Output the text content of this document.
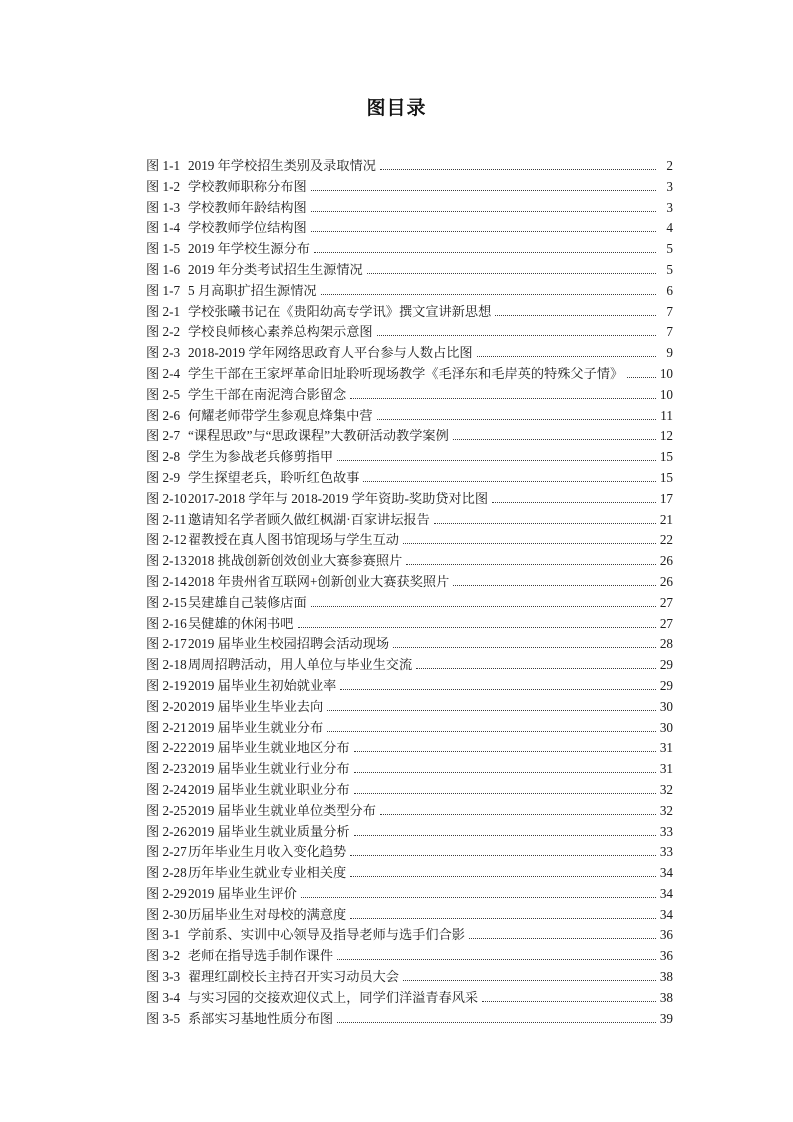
图目录
图 1-1 2019 年学校招生类别及录取情况	2
图 1-2 学校教师职称分布图	3
图 1-3 学校教师年龄结构图	3
图 1-4 学校教师学位结构图	4
图 1-5 2019 年学校生源分布	5
图 1-6 2019 年分类考试招生生源情况	5
图 1-7 5 月高职扩招生源情况	6
图 2-1 学校张曦书记在《贵阳幼高专学讯》撰文宣讲新思想	7
图 2-2 学校良师核心素养总构架示意图	7
图 2-3 2018-2019 学年网络思政育人平台参与人数占比图	9
图 2-4 学生干部在王家坪革命旧址聆听现场教学《毛泽东和毛岸英的特殊父子情》	10
图 2-5 学生干部在南泥湾合影留念	10
图 2-6 何耀老师带学生参观息烽集中营	11
图 2-7 “课程思政”与“思政课程”大教研活动教学案例	12
图 2-8 学生为参战老兵修剪指甲	15
图 2-9 学生探望老兵，聆听红色故事	15
图 2-10 2017-2018 学年与 2018-2019 学年资助-奖助贷对比图	17
图 2-11 邀请知名学者顾久做红枫湖·百家讲坛报告	21
图 2-12 翟教授在真人图书馆现场与学生互动	22
图 2-13 2018 挑战创新创效创业大赛参赛照片	26
图 2-14 2018 年贵州省互联网+创新创业大赛获奖照片	26
图 2-15 吴建雄自己装修店面	27
图 2-16 吴健雄的休闲书吧	27
图 2-17 2019 届毕业生校园招聘会活动现场	28
图 2-18 周周招聘活动，用人单位与毕业生交流	29
图 2-19 2019 届毕业生初始就业率	29
图 2-20 2019 届毕业生毕业去向	30
图 2-21 2019 届毕业生就业分布	30
图 2-22 2019 届毕业生就业地区分布	31
图 2-23 2019 届毕业生就业行业分布	31
图 2-24 2019 届毕业生就业职业分布	32
图 2-25 2019 届毕业生就业单位类型分布	32
图 2-26 2019 届毕业生就业质量分析	33
图 2-27 历年毕业生月收入变化趋势	33
图 2-28 历年毕业生就业专业相关度	34
图 2-29 2019 届毕业生评价	34
图 2-30 历届毕业生对母校的满意度	34
图 3-1 学前系、实训中心领导及指导老师与选手们合影	36
图 3-2 老师在指导选手制作课件	36
图 3-3 翟理红副校长主持召开实习动员大会	38
图 3-4 与实习园的交接欢迎仪式上，同学们洋溢青春风采	38
图 3-5 系部实习基地性质分布图	39
